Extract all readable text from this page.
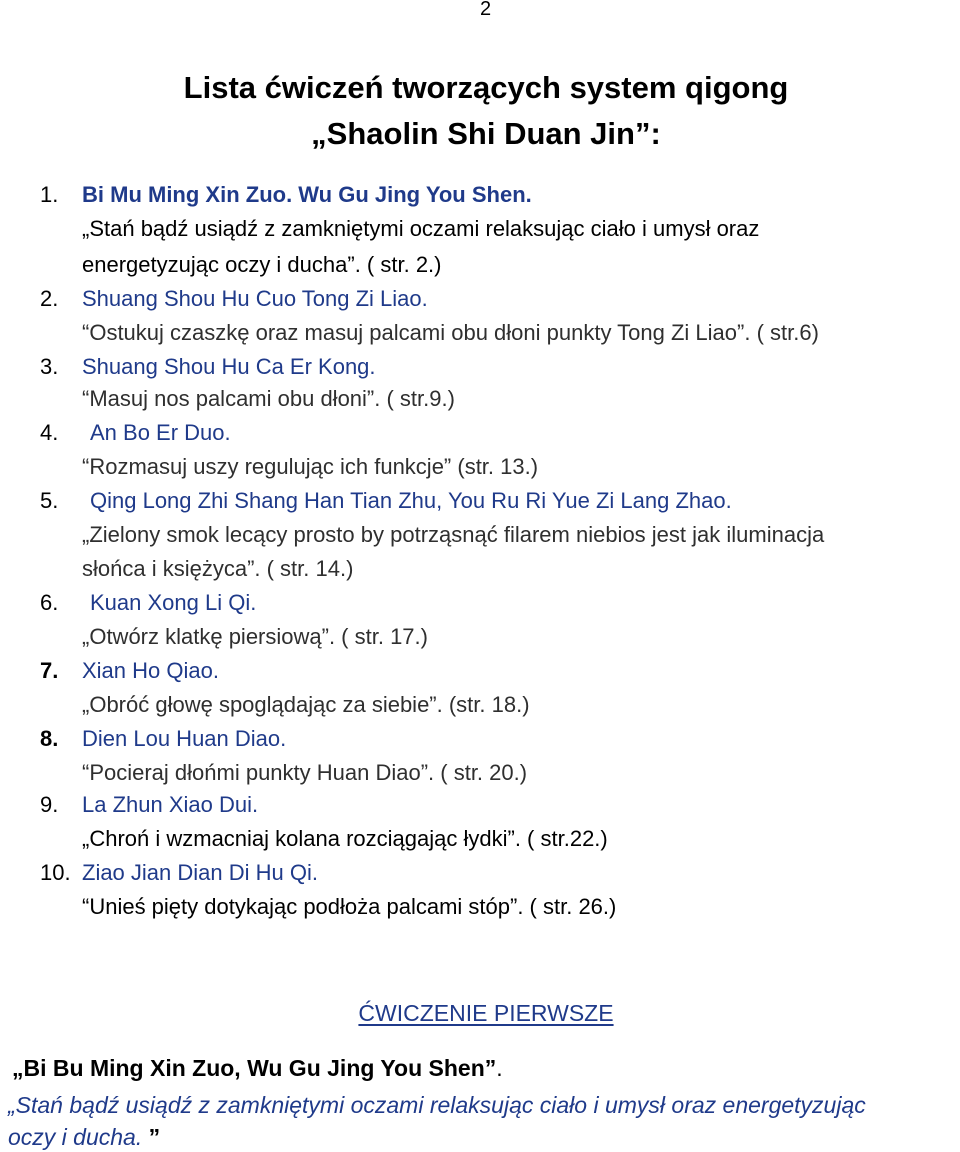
2
Lista ćwiczeń tworzących system qigong
„Shaolin Shi Duan Jin”:
1. Bi Mu Ming Xin Zuo. Wu Gu Jing You Shen.
„Stań bądź usiądź z zamkniętymi oczami relaksując ciało i umysł oraz
energetyzując oczy i ducha”. ( str. 2.)
2. Shuang Shou Hu Cuo Tong Zi Liao.
“Ostukuj czaszkę oraz masuj palcami obu dłoni punkty Tong Zi Liao”. ( str.6)
3. Shuang Shou Hu Ca Er Kong.
“Masuj nos palcami obu dłoni”. ( str.9.)
4. An Bo Er Duo.
“Rozmasuj uszy regulując ich funkcje” (str. 13.)
5. Qing Long Zhi Shang Han Tian Zhu, You Ru Ri Yue Zi Lang Zhao.
„Zielony smok lecący prosto by potrząsnąć filarem niebios jest jak iluminacja
słońca i księżyca”. ( str. 14.)
6. Kuan Xong Li Qi.
„Otwórz klatkę piersiową”. ( str. 17.)
7. Xian Ho Qiao.
„Obróć głowę spoglądając za siebie”. (str. 18.)
8. Dien Lou Huan Diao.
“Pocieraj dłońmi punkty Huan Diao”. ( str. 20.)
9. La Zhun Xiao Dui.
„Chroń i wzmacniaj kolana rozciągając łydki”. ( str.22.)
10. Ziao Jian Dian Di Hu Qi.
“Unieś pięty dotykając podłoża palcami stóp”. ( str. 26.)
ĆWICZENIE PIERWSZE
„Bi Bu Ming Xin Zuo, Wu Gu Jing You Shen”.
„Stań bądź usiądź z zamkniętymi oczami relaksując ciało i umysł oraz energetyzując
oczy i ducha. ”
